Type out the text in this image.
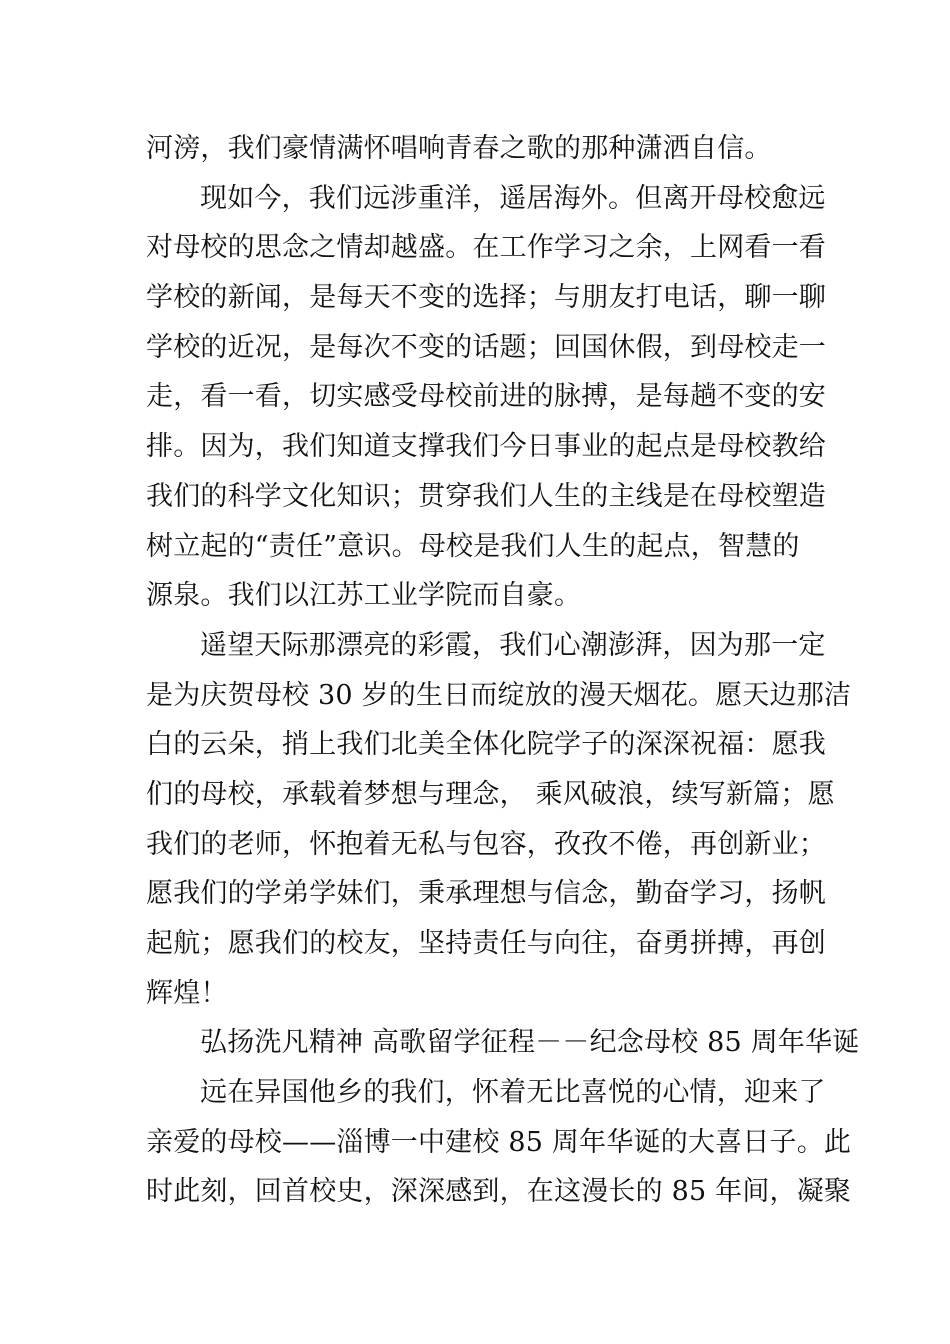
河滂，我们豪情满怀唱响青春之歌的那种潇洒自信。
现如今，我们远涉重洋，遥居海外。但离开母校愈远
对母校的思念之情却越盛。在工作学习之余，上网看一看
学校的新闻，是每天不变的选择；与朋友打电话，聊一聊
学校的近况，是每次不变的话题；回国休假，到母校走一
走，看一看，切实感受母校前进的脉搏，是每趟不变的安
排。因为，我们知道支撑我们今日事业的起点是母校教给
我们的科学文化知识；贯穿我们人生的主线是在母校塑造
树立起的“责任”意识。母校是我们人生的起点，智慧的
源泉。我们以江苏工业学院而自豪。
遥望天际那漂亮的彩霞，我们心潮澎湃，因为那一定
是为庆贺母校 30 岁的生日而绽放的漫天烟花。愿天边那洁
白的云朵，捎上我们北美全体化院学子的深深祝福：愿我
们的母校，承载着梦想与理念， 乘风破浪，续写新篇；愿
我们的老师，怀抱着无私与包容，孜孜不倦，再创新业；
愿我们的学弟学妹们，秉承理想与信念，勤奋学习，扬帆
起航；愿我们的校友，坚持责任与向往，奋勇拼搏，再创
辉煌！
弘扬洗凡精神 高歌留学征程－－纪念母校 85 周年华诞
远在异国他乡的我们，怀着无比喜悦的心情，迎来了
亲爱的母校——淄博一中建校 85 周年华诞的大喜日子。此
时此刻，回首校史，深深感到，在这漫长的 85 年间，凝聚
